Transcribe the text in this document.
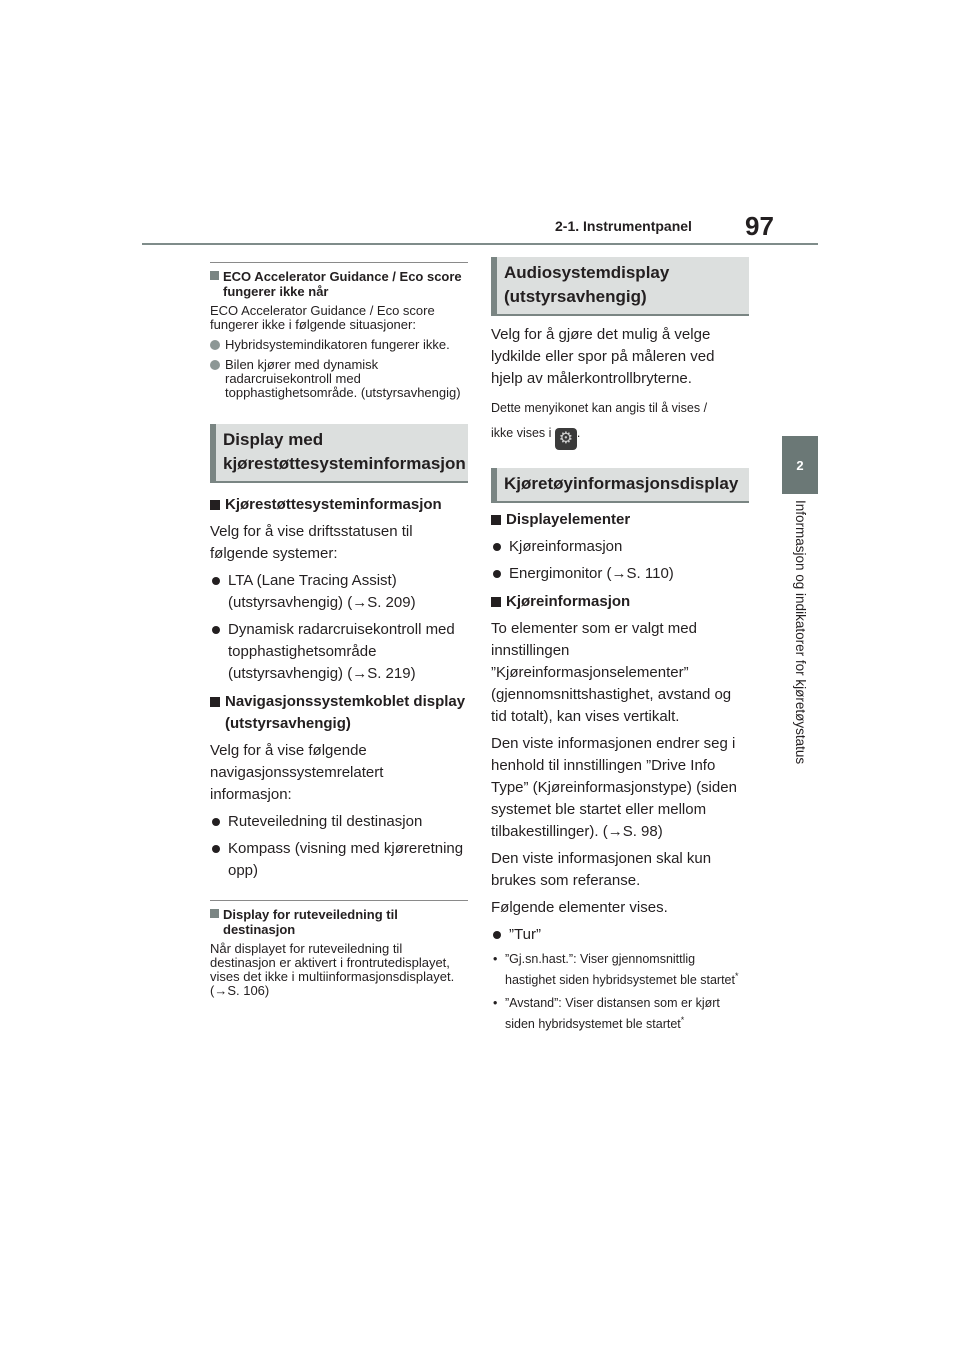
2-1. Instrumentpanel 97
2
Informasjon og indikatorer for kjøretøystatus
ECO Accelerator Guidance / Eco score fungerer ikke når
ECO Accelerator Guidance / Eco score fungerer ikke i følgende situasjoner:
Hybridsystemindikatoren fungerer ikke.
Bilen kjører med dynamisk radarcruisekontroll med topphastighetsområde. (utstyrsavhengig)
Display med kjørestøttesysteminformasjon
Kjørestøttesysteminformasjon
Velg for å vise driftsstatusen til følgende systemer:
LTA (Lane Tracing Assist) (utstyrsavhengig) (→S. 209)
Dynamisk radarcruisekontroll med topphastighetsområde (utstyrsavhengig) (→S. 219)
Navigasjonssystemkoblet display (utstyrsavhengig)
Velg for å vise følgende navigasjonssystemrelatert informasjon:
Ruteveiledning til destinasjon
Kompass (visning med kjøreretning opp)
Display for ruteveiledning til destinasjon
Når displayet for ruteveiledning til destinasjon er aktivert i frontrutedisplayet, vises det ikke i multiinformasjonsdisplayet. (→S. 106)
Audiosystemdisplay (utstyrsavhengig)
Velg for å gjøre det mulig å velge lydkilde eller spor på måleren ved hjelp av målerkontrollbryterne.
Dette menyikonet kan angis til å vises /
ikke vises i ⚙ .
Kjøretøyinformasjonsdisplay
Displayelementer
Kjøreinformasjon
Energimonitor (→S. 110)
Kjøreinformasjon
To elementer som er valgt med innstillingen ”Kjøreinformasjonselementer” (gjennomsnittshastighet, avstand og tid totalt), kan vises vertikalt.
Den viste informasjonen endrer seg i henhold til innstillingen ”Drive Info Type” (Kjøreinformasjonstype) (siden systemet ble startet eller mellom tilbakestillinger). (→S. 98)
Den viste informasjonen skal kun brukes som referanse.
Følgende elementer vises.
”Tur”
• ”Gj.sn.hast.”: Viser gjennomsnittlig hastighet siden hybridsystemet ble startet*
• ”Avstand”: Viser distansen som er kjørt siden hybridsystemet ble startet*
